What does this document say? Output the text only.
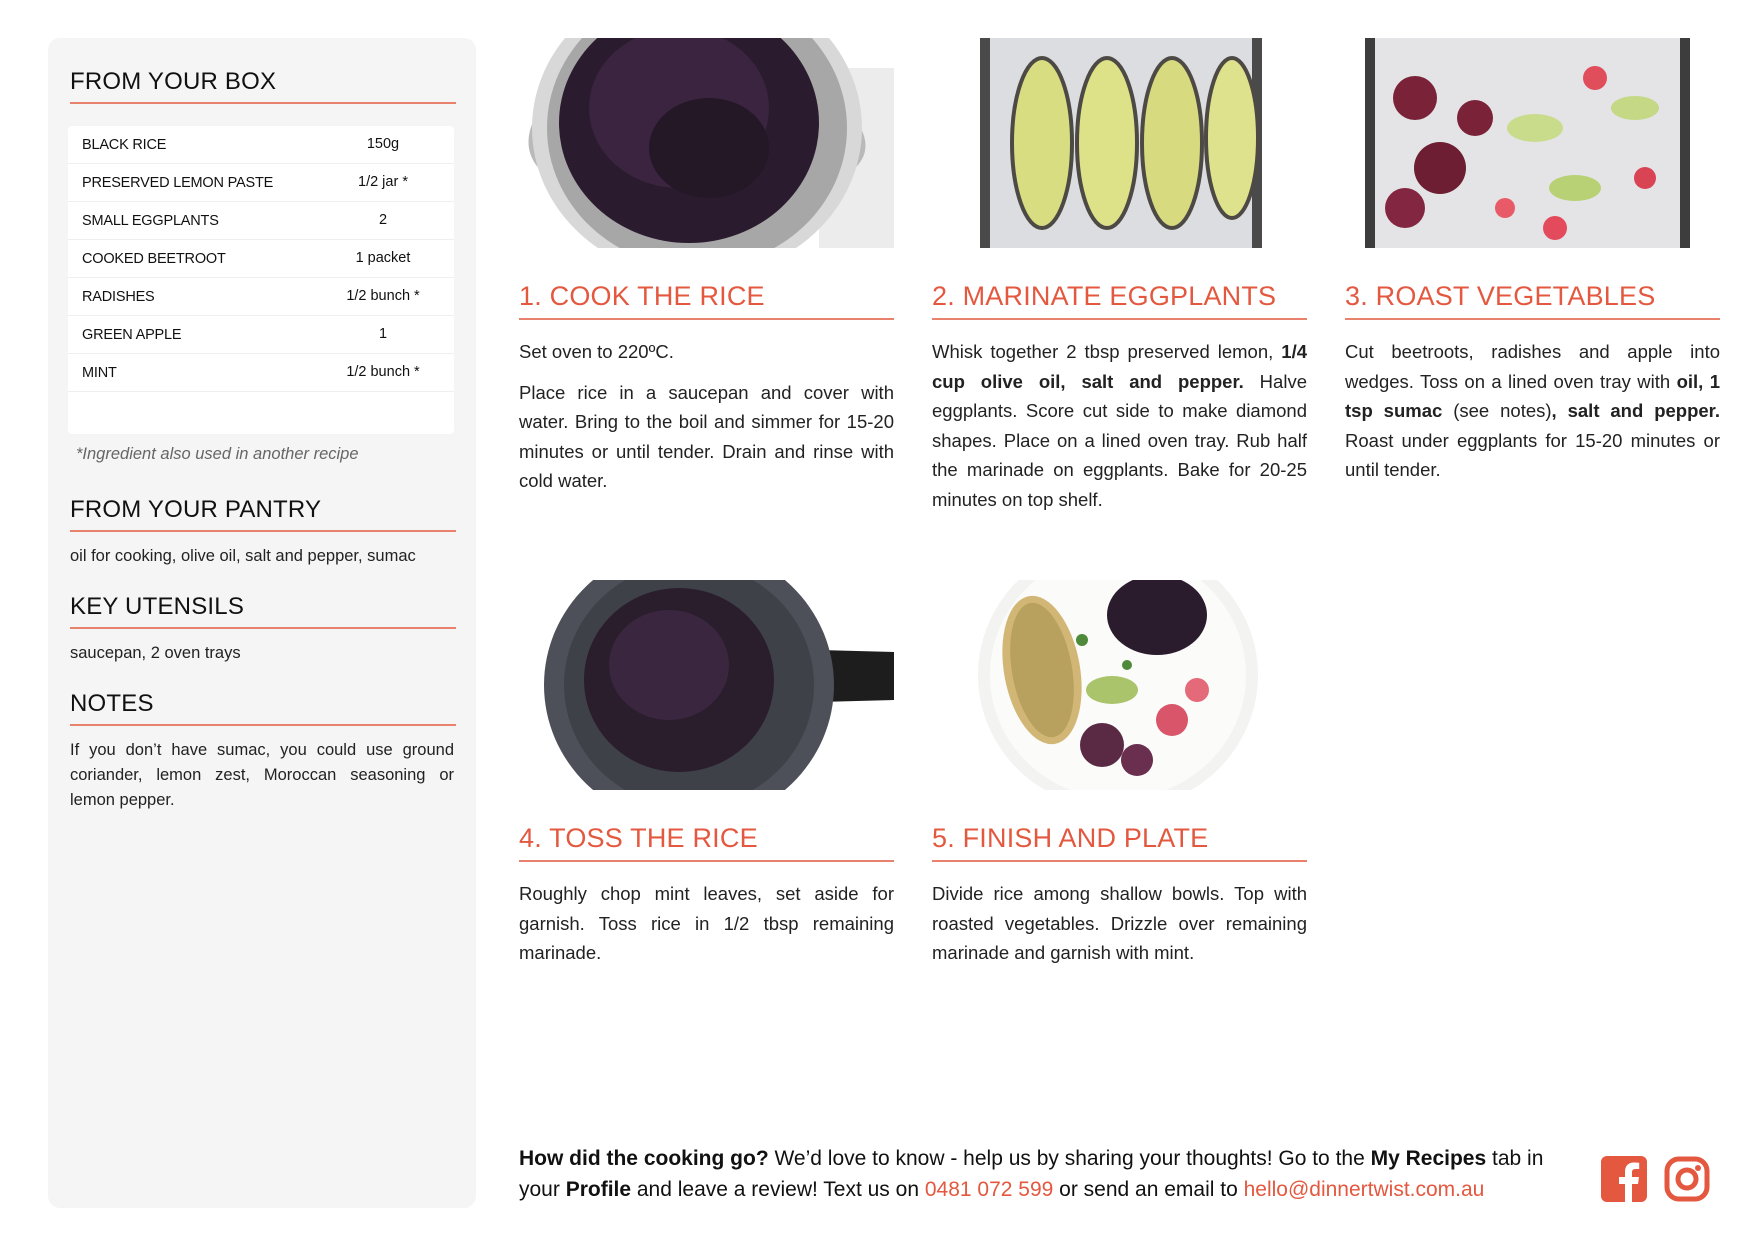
FROM YOUR BOX
BLACK RICE	150g
PRESERVED LEMON PASTE	1/2 jar *
SMALL EGGPLANTS	2
COOKED BEETROOT	1 packet
RADISHES	1/2 bunch *
GREEN APPLE	1
MINT	1/2 bunch *
*Ingredient also used in another recipe
FROM YOUR PANTRY
oil for cooking, olive oil, salt and pepper, sumac
KEY UTENSILS
saucepan, 2 oven trays
NOTES
If you don’t have sumac, you could use ground coriander, lemon zest, Moroccan seasoning or lemon pepper.
1. COOK THE RICE

Set oven to 220ºC.

Place rice in a saucepan and cover with water. Bring to the boil and simmer for 15-20 minutes or until tender. Drain and rinse with cold water.

2. MARINATE EGGPLANTS

Whisk together 2 tbsp preserved lemon, 1/4 cup olive oil, salt and pepper. Halve eggplants. Score cut side to make diamond shapes. Place on a lined oven tray. Rub half the marinade on eggplants. Bake for 20-25 minutes on top shelf.

3. ROAST VEGETABLES

Cut beetroots, radishes and apple into wedges. Toss on a lined oven tray with oil, 1 tsp sumac (see notes), salt and pepper. Roast under eggplants for 15-20 minutes or until tender.

4. TOSS THE RICE

Roughly chop mint leaves, set aside for garnish. Toss rice in 1/2 tbsp remaining marinade.

5. FINISH AND PLATE

Divide rice among shallow bowls. Top with roasted vegetables. Drizzle over remaining marinade and garnish with mint.

How did the cooking go? We’d love to know - help us by sharing your thoughts! Go to the My Recipes tab in your Profile and leave a review! Text us on 0481 072 599 or send an email to hello@dinnertwist.com.au
